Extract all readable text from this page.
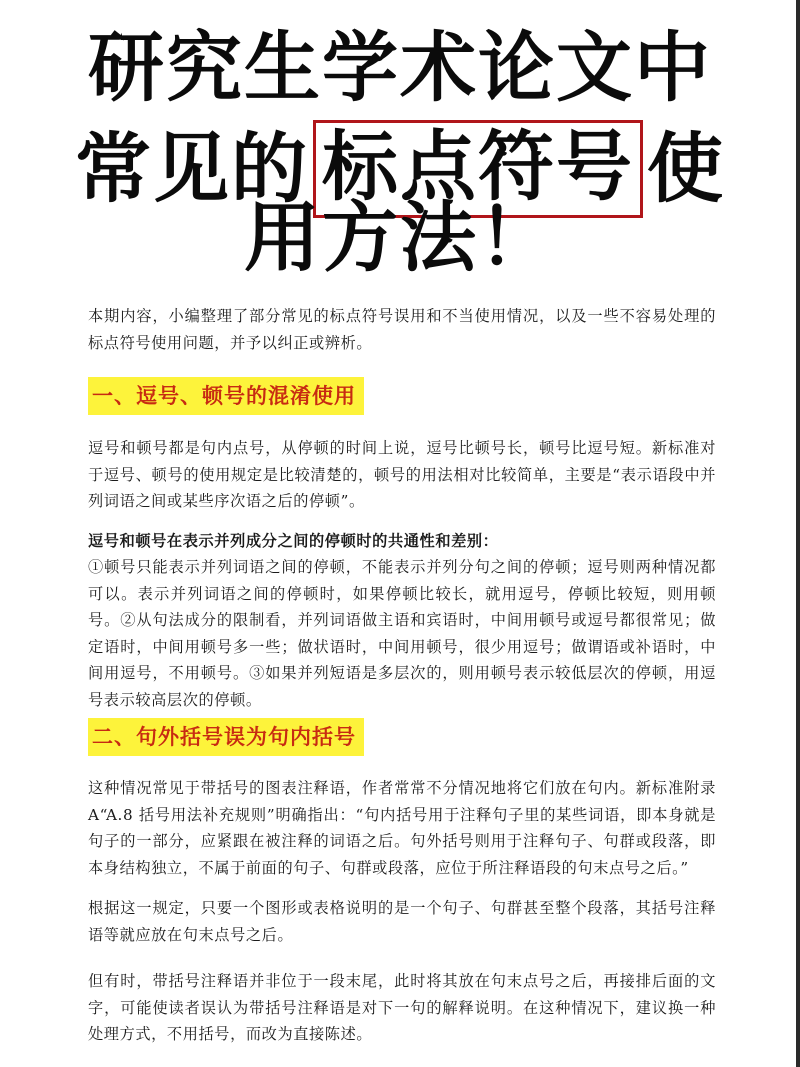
研究生学术论文中
常见的 标点符号 使
用方法！
本期内容，小编整理了部分常见的标点符号误用和不当使用情况，以及一些不容易处理的标点符号使用问题，并予以纠正或辨析。
一、逗号、顿号的混淆使用
逗号和顿号都是句内点号，从停顿的时间上说，逗号比顿号长，顿号比逗号短。新标准对于逗号、顿号的使用规定是比较清楚的，顿号的用法相对比较简单，主要是“表示语段中并列词语之间或某些序次语之后的停顿”。
逗号和顿号在表示并列成分之间的停顿时的共通性和差别：
①顿号只能表示并列词语之间的停顿，不能表示并列分句之间的停顿；逗号则两种情况都可以。表示并列词语之间的停顿时，如果停顿比较长，就用逗号，停顿比较短，则用顿号。②从句法成分的限制看，并列词语做主语和宾语时，中间用顿号或逗号都很常见；做定语时，中间用顿号多一些；做状语时，中间用顿号，很少用逗号；做谓语或补语时，中间用逗号，不用顿号。③如果并列短语是多层次的，则用顿号表示较低层次的停顿，用逗号表示较高层次的停顿。
二、句外括号误为句内括号
这种情况常见于带括号的图表注释语，作者常常不分情况地将它们放在句内。新标准附录A“A.8 括号用法补充规则”明确指出：“句内括号用于注释句子里的某些词语，即本身就是句子的一部分，应紧跟在被注释的词语之后。句外括号则用于注释句子、句群或段落，即本身结构独立，不属于前面的句子、句群或段落，应位于所注释语段的句末点号之后。”
根据这一规定，只要一个图形或表格说明的是一个句子、句群甚至整个段落，其括号注释语等就应放在句末点号之后。
但有时，带括号注释语并非位于一段末尾，此时将其放在句末点号之后，再接排后面的文字，可能使读者误认为带括号注释语是对下一句的解释说明。在这种情况下，建议换一种处理方式，不用括号，而改为直接陈述。
